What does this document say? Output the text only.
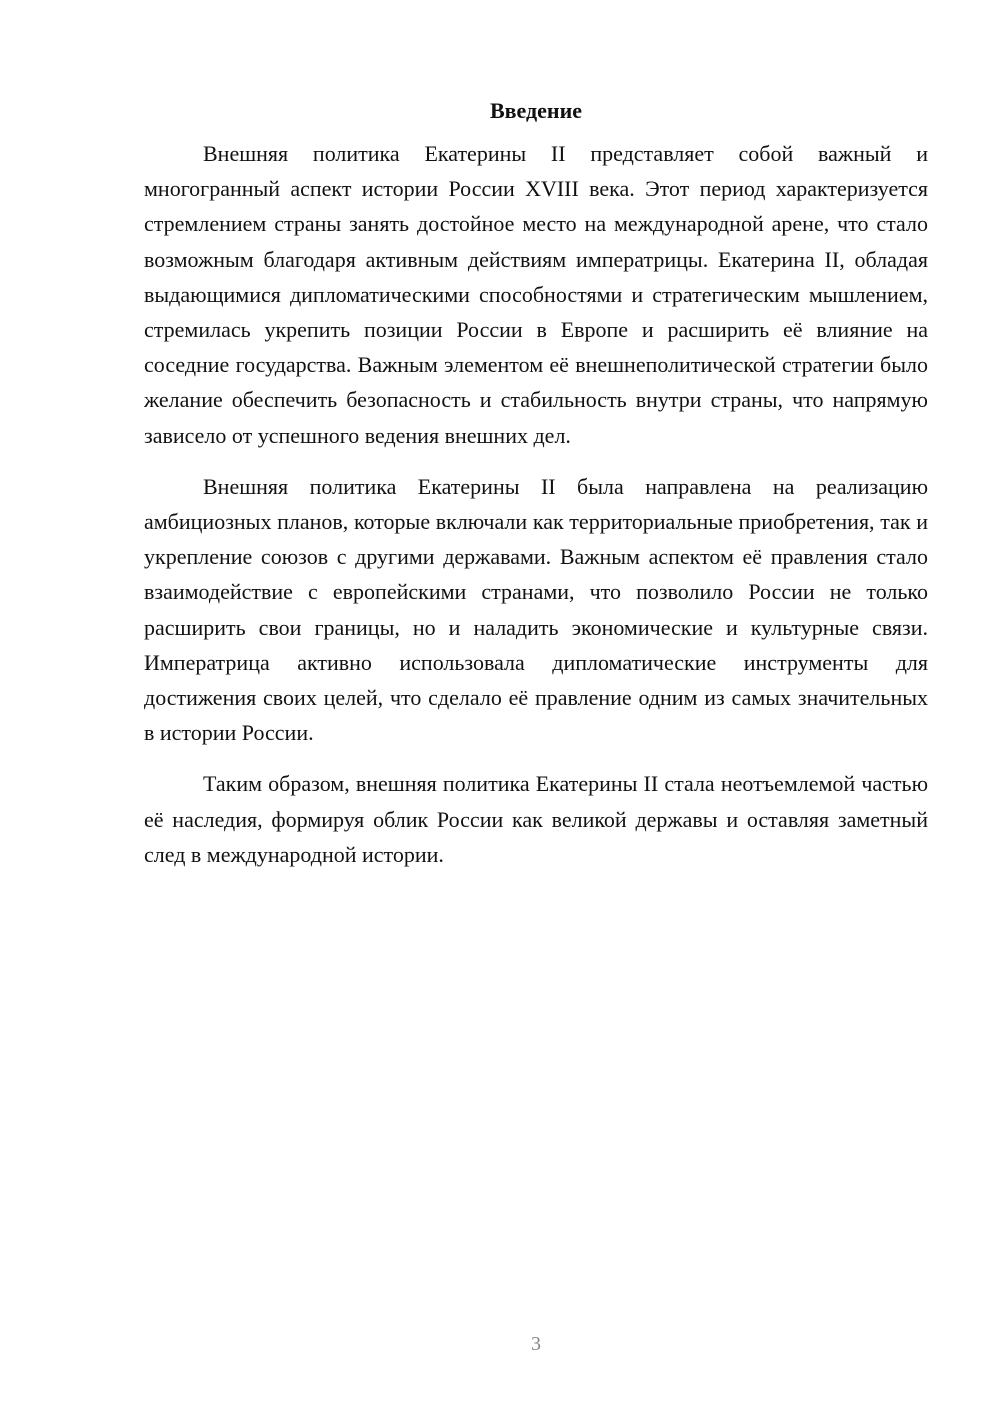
Введение

Внешняя политика Екатерины II представляет собой важный и многогранный аспект истории России XVIII века. Этот период характеризуется стремлением страны занять достойное место на международной арене, что стало возможным благодаря активным действиям императрицы. Екатерина II, обладая выдающимися дипломатическими способностями и стратегическим мышлением, стремилась укрепить позиции России в Европе и расширить её влияние на соседние государства. Важным элементом её внешнеполитической стратегии было желание обеспечить безопасность и стабильность внутри страны, что напрямую зависело от успешного ведения внешних дел.

Внешняя политика Екатерины II была направлена на реализацию амбициозных планов, которые включали как территориальные приобретения, так и укрепление союзов с другими державами. Важным аспектом её правления стало взаимодействие с европейскими странами, что позволило России не только расширить свои границы, но и наладить экономические и культурные связи. Императрица активно использовала дипломатические инструменты для достижения своих целей, что сделало её правление одним из самых значительных в истории России.

Таким образом, внешняя политика Екатерины II стала неотъемлемой частью её наследия, формируя облик России как великой державы и оставляя заметный след в международной истории.

3
